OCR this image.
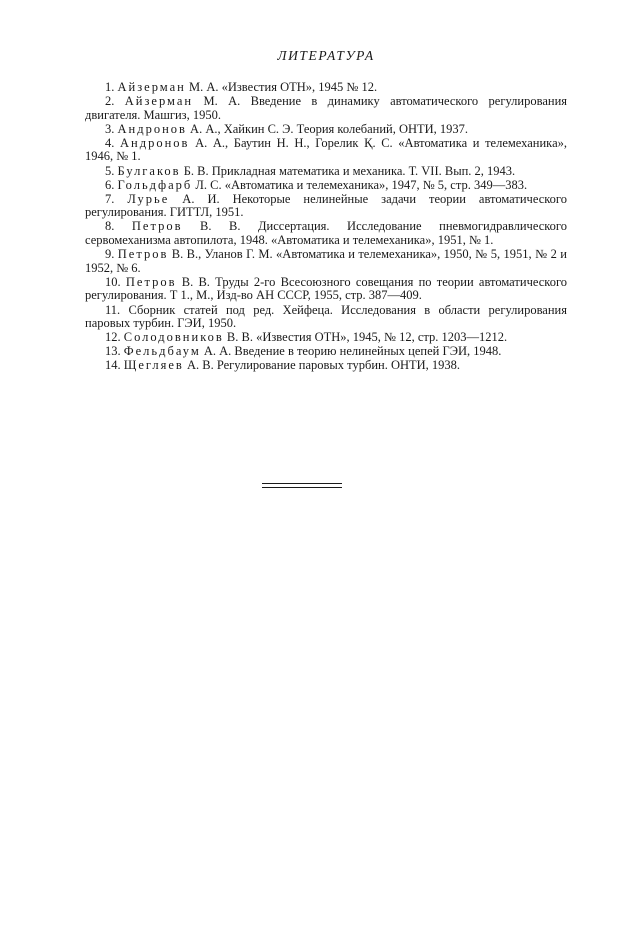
ЛИТЕРАТУРА

1. Айзерман М. А. «Известия ОТН», 1945 № 12.

2. Айзерман М. А. Введение в динамику автоматического регулирования двигателя. Машгиз, 1950.

3. Андронов А. А., Хайкин С. Э. Теория колебаний, ОНТИ, 1937.

4. Андронов А. А., Баутин Н. Н., Горелик Қ. С. «Автоматика и телемеханика», 1946, № 1.

5. Булгаков Б. В. Прикладная математика и механика. Т. VII. Вып. 2, 1943.

6. Гольдфарб Л. С. «Автоматика и телемеханика», 1947, № 5, стр. 349—383.

7. Лурье А. И. Некоторые нелинейные задачи теории автоматического регулирования. ГИТТЛ, 1951.

8. Петров В. В. Диссертация. Исследование пневмогидравлического сервомеханизма автопилота, 1948. «Автоматика и телемеханика», 1951, № 1.

9. Петров В. В., Уланов Г. М. «Автоматика и телемеханика», 1950, № 5, 1951, № 2 и 1952, № 6.

10. Петров В. В. Труды 2-го Всесоюзного совещания по теории автоматического регулирования. Т 1., М., Изд-во АН СССР, 1955, стр. 387—409.

11. Сборник статей под ред. Хейфеца. Исследования в области регулирования паровых турбин. ГЭИ, 1950.

12. Солодовников В. В. «Известия ОТН», 1945, № 12, стр. 1203—1212.

13. Фельдбаум А. А. Введение в теорию нелинейных цепей ГЭИ, 1948.

14. Щегляев А. В. Регулирование паровых турбин. ОНТИ, 1938.
